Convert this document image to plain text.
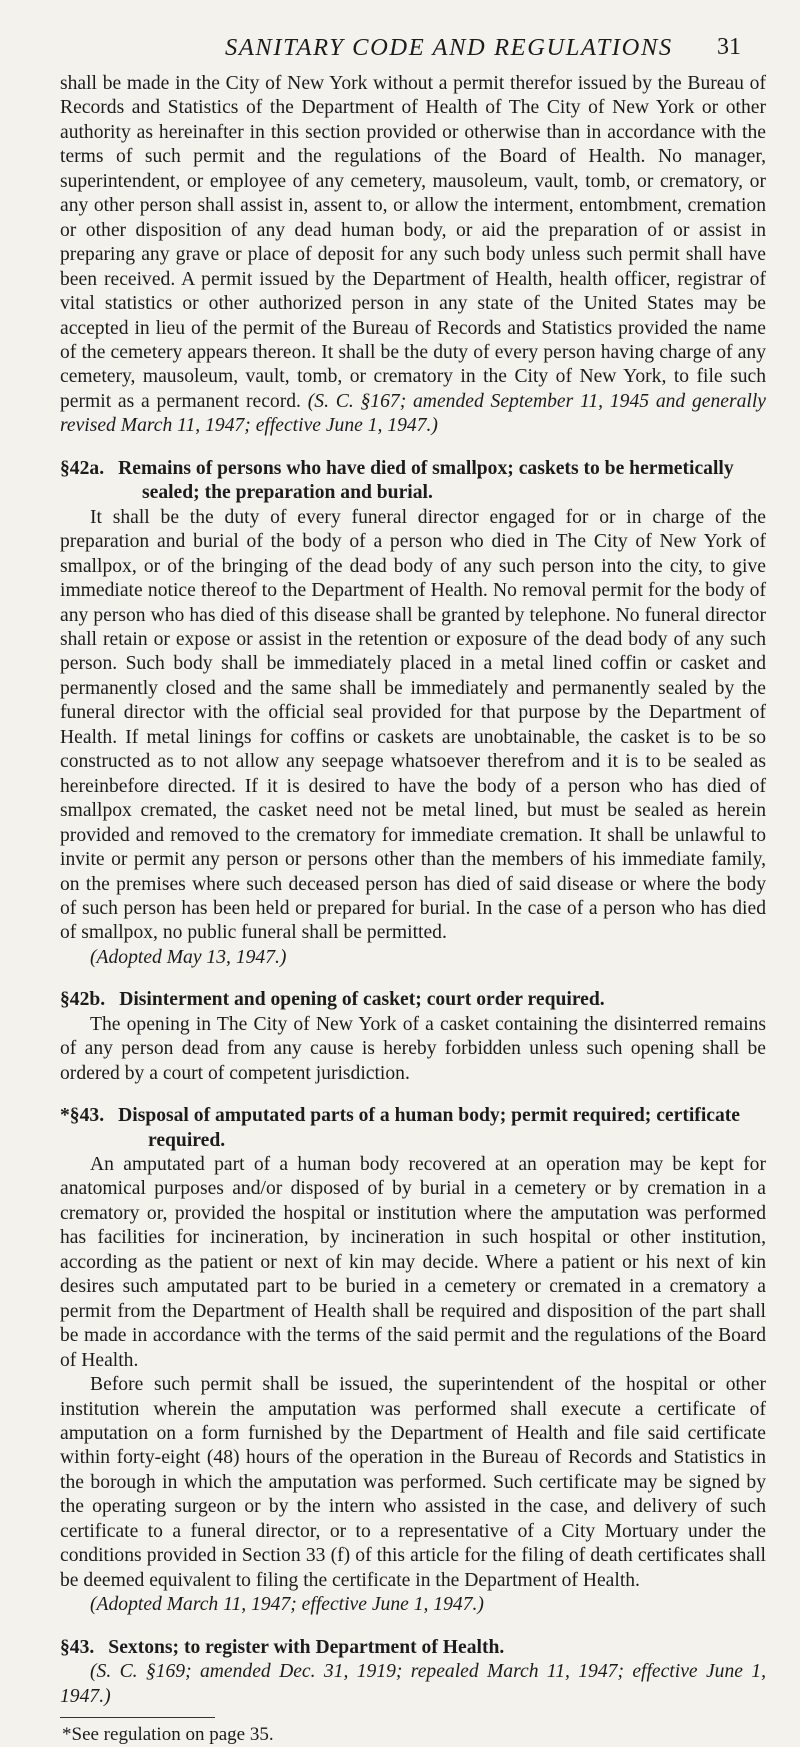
SANITARY CODE AND REGULATIONS 31

shall be made in the City of New York without a permit therefor issued by the Bureau of Records and Statistics of the Department of Health of The City of New York or other authority as hereinafter in this section provided or otherwise than in accordance with the terms of such permit and the regulations of the Board of Health. No manager, superintendent, or employee of any cemetery, mausoleum, vault, tomb, or crematory, or any other person shall assist in, assent to, or allow the interment, entombment, cremation or other disposition of any dead human body, or aid the preparation of or assist in preparing any grave or place of deposit for any such body unless such permit shall have been received. A permit issued by the Department of Health, health officer, registrar of vital statistics or other authorized person in any state of the United States may be accepted in lieu of the permit of the Bureau of Records and Statistics provided the name of the cemetery appears thereon. It shall be the duty of every person having charge of any cemetery, mausoleum, vault, tomb, or crematory in the City of New York, to file such permit as a permanent record. (S. C. §167; amended September 11, 1945 and generally revised March 11, 1947; effective June 1, 1947.)

§42a. Remains of persons who have died of smallpox; caskets to be hermetically sealed; the preparation and burial.

It shall be the duty of every funeral director engaged for or in charge of the preparation and burial of the body of a person who died in The City of New York of smallpox, or of the bringing of the dead body of any such person into the city, to give immediate notice thereof to the Department of Health. No removal permit for the body of any person who has died of this disease shall be granted by telephone. No funeral director shall retain or expose or assist in the retention or exposure of the dead body of any such person. Such body shall be immediately placed in a metal lined coffin or casket and permanently closed and the same shall be immediately and permanently sealed by the funeral director with the official seal provided for that purpose by the Department of Health. If metal linings for coffins or caskets are unobtainable, the casket is to be so constructed as to not allow any seepage whatsoever therefrom and it is to be sealed as hereinbefore directed. If it is desired to have the body of a person who has died of smallpox cremated, the casket need not be metal lined, but must be sealed as herein provided and removed to the crematory for immediate cremation. It shall be unlawful to invite or permit any person or persons other than the members of his immediate family, on the premises where such deceased person has died of said disease or where the body of such person has been held or prepared for burial. In the case of a person who has died of smallpox, no public funeral shall be permitted.

(Adopted May 13, 1947.)

§42b. Disinterment and opening of casket; court order required.

The opening in The City of New York of a casket containing the disinterred remains of any person dead from any cause is hereby forbidden unless such opening shall be ordered by a court of competent jurisdiction.

*§43. Disposal of amputated parts of a human body; permit required; certificate required.

An amputated part of a human body recovered at an operation may be kept for anatomical purposes and/or disposed of by burial in a cemetery or by cremation in a crematory or, provided the hospital or institution where the amputation was performed has facilities for incineration, by incineration in such hospital or other institution, according as the patient or next of kin may decide. Where a patient or his next of kin desires such amputated part to be buried in a cemetery or cremated in a crematory a permit from the Department of Health shall be required and disposition of the part shall be made in accordance with the terms of the said permit and the regulations of the Board of Health.

Before such permit shall be issued, the superintendent of the hospital or other institution wherein the amputation was performed shall execute a certificate of amputation on a form furnished by the Department of Health and file said certificate within forty-eight (48) hours of the operation in the Bureau of Records and Statistics in the borough in which the amputation was performed. Such certificate may be signed by the operating surgeon or by the intern who assisted in the case, and delivery of such certificate to a funeral director, or to a representative of a City Mortuary under the conditions provided in Section 33 (f) of this article for the filing of death certificates shall be deemed equivalent to filing the certificate in the Department of Health.

(Adopted March 11, 1947; effective June 1, 1947.)

§43. Sextons; to register with Department of Health.

(S. C. §169; amended Dec. 31, 1919; repealed March 11, 1947; effective June 1, 1947.)

*See regulation on page 35.
